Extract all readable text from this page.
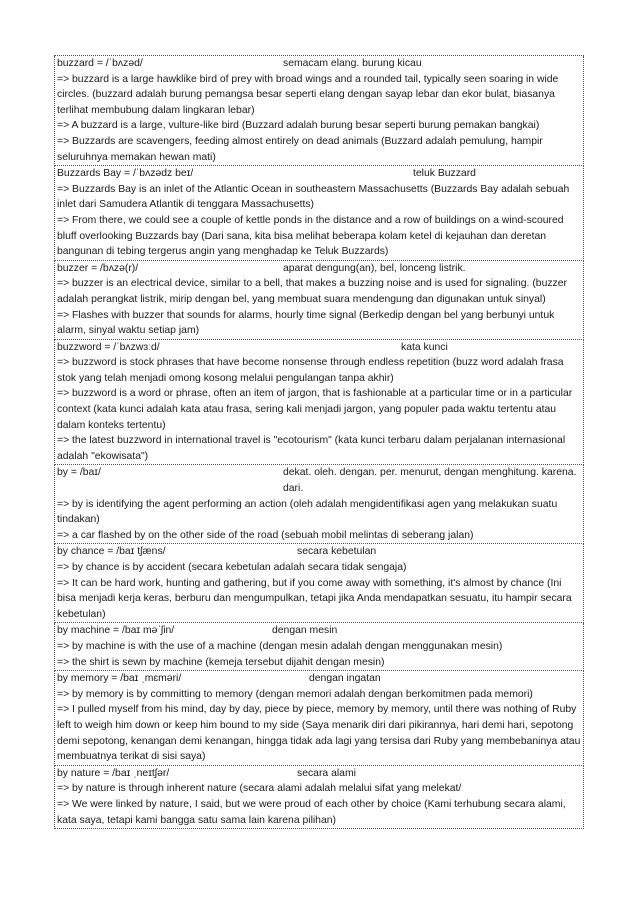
buzzard = /ˈbʌzəd/	semacam elang. burung kicau
=> buzzard is a large hawklike bird of prey with broad wings and a rounded tail, typically seen soaring in wide circles. (buzzard adalah burung pemangsa besar seperti elang dengan sayap lebar dan ekor bulat, biasanya terlihat membubung dalam lingkaran lebar)
=> A buzzard is a large, vulture-like bird (Buzzard adalah burung besar seperti burung pemakan bangkai)
=> Buzzards are scavengers, feeding almost entirely on dead animals (Buzzard adalah pemulung, hampir seluruhnya memakan hewan mati)
Buzzards Bay = /ˈbʌzədz beɪ/	teluk Buzzard
=> Buzzards Bay is an inlet of the Atlantic Ocean in southeastern Massachusetts (Buzzards Bay adalah sebuah inlet dari Samudera Atlantik di tenggara Massachusetts)
=> From there, we could see a couple of kettle ponds in the distance and a row of buildings on a wind-scoured bluff overlooking Buzzards bay (Dari sana, kita bisa melihat beberapa kolam ketel di kejauhan dan deretan bangunan di tebing tergerus angin yang menghadap ke Teluk Buzzards)
buzzer = /bʌzə(r)/	aparat dengung(an), bel, lonceng listrik.
=> buzzer is an electrical device, similar to a bell, that makes a buzzing noise and is used for signaling. (buzzer adalah perangkat listrik, mirip dengan bel, yang membuat suara mendengung dan digunakan untuk sinyal)
=> Flashes with buzzer that sounds for alarms, hourly time signal (Berkedip dengan bel yang berbunyi untuk alarm, sinyal waktu setiap jam)
buzzword = /ˈbʌzwɜːd/	kata kunci
=> buzzword is stock phrases that have become nonsense through endless repetition (buzz word adalah frasa stok yang telah menjadi omong kosong melalui pengulangan tanpa akhir)
=> buzzword is a word or phrase, often an item of jargon, that is fashionable at a particular time or in a particular context (kata kunci adalah kata atau frasa, sering kali menjadi jargon, yang populer pada waktu tertentu atau dalam konteks tertentu)
=> the latest buzzword in international travel is "ecotourism" (kata kunci terbaru dalam perjalanan internasional adalah "ekowisata")
by = /baɪ/	dekat. oleh. dengan. per. menurut, dengan menghitung. karena. dari.
=> by is identifying the agent performing an action (oleh adalah mengidentifikasi agen yang melakukan suatu tindakan)
=> a car flashed by on the other side of the road (sebuah mobil melintas di seberang jalan)
by chance = /baɪ tʃæns/	secara kebetulan
=> by chance is by accident (secara kebetulan adalah secara tidak sengaja)
=> It can be hard work, hunting and gathering, but if you come away with something, it's almost by chance (Ini bisa menjadi kerja keras, berburu dan mengumpulkan, tetapi jika Anda mendapatkan sesuatu, itu hampir secara kebetulan)
by machine = /baɪ məˈʃin/	dengan mesin
=> by machine is with the use of a machine (dengan mesin adalah dengan menggunakan mesin)
=> the shirt is sewn by machine (kemeja tersebut dijahit dengan mesin)
by memory = /baɪ ˌmɛməri/	dengan ingatan
=> by memory is by committing to memory (dengan memori adalah dengan berkomitmen pada memori)
=> I pulled myself from his mind, day by day, piece by piece, memory by memory, until there was nothing of Ruby left to weigh him down or keep him bound to my side (Saya menarik diri dari pikirannya, hari demi hari, sepotong demi sepotong, kenangan demi kenangan, hingga tidak ada lagi yang tersisa dari Ruby yang membebaninya atau membuatnya terikat di sisi saya)
by nature = /baɪ ˌneɪtʃər/	secara alami
=> by nature is through inherent nature (secara alami adalah melalui sifat yang melekat/
=> We were linked by nature, I said, but we were proud of each other by choice (Kami terhubung secara alami, kata saya, tetapi kami bangga satu sama lain karena pilihan)
